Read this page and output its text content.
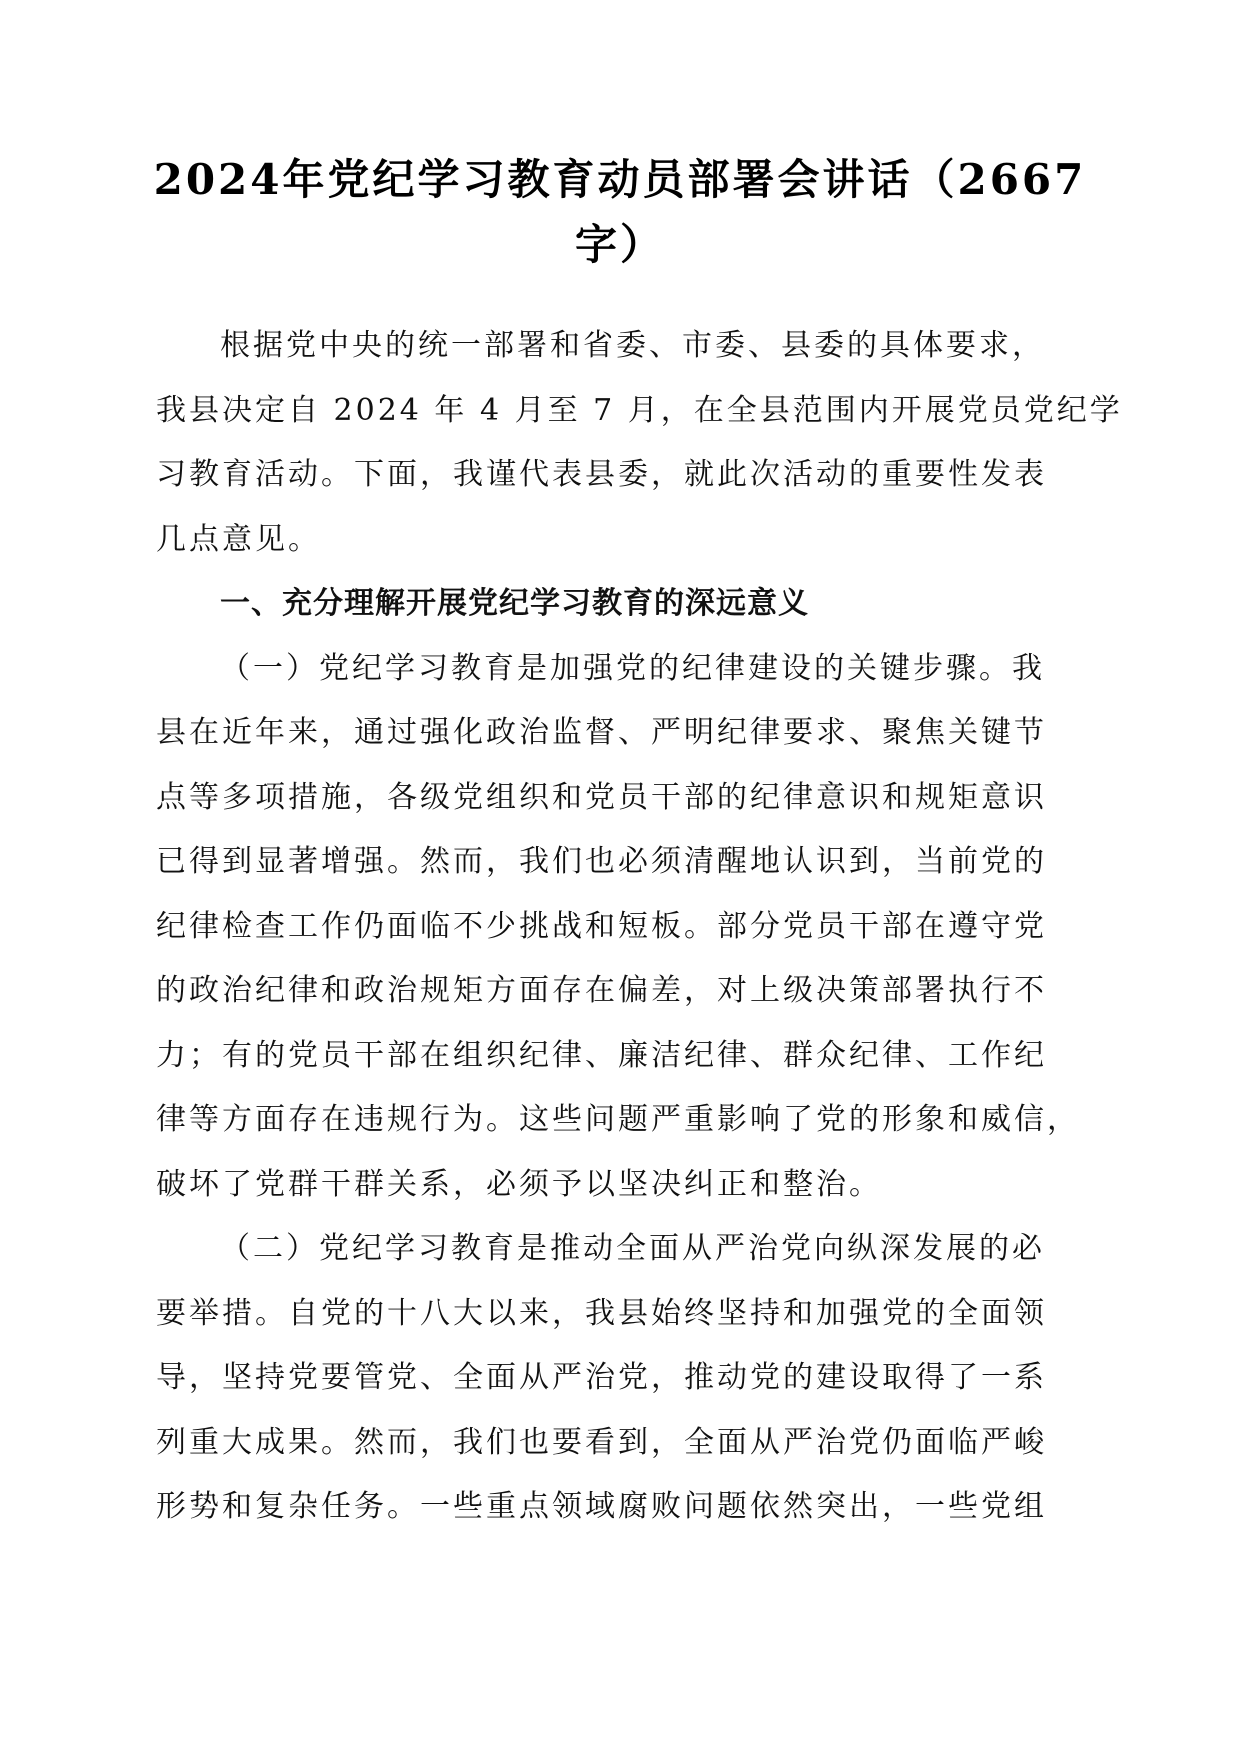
2024年党纪学习教育动员部署会讲话（2667
字）
根据党中央的统一部署和省委、市委、县委的具体要求，
我县决定自 2024 年 4 月至 7 月，在全县范围内开展党员党纪学
习教育活动。下面，我谨代表县委，就此次活动的重要性发表
几点意见。
一、充分理解开展党纪学习教育的深远意义
（一）党纪学习教育是加强党的纪律建设的关键步骤。我
县在近年来，通过强化政治监督、严明纪律要求、聚焦关键节
点等多项措施，各级党组织和党员干部的纪律意识和规矩意识
已得到显著增强。然而，我们也必须清醒地认识到，当前党的
纪律检查工作仍面临不少挑战和短板。部分党员干部在遵守党
的政治纪律和政治规矩方面存在偏差，对上级决策部署执行不
力；有的党员干部在组织纪律、廉洁纪律、群众纪律、工作纪
律等方面存在违规行为。这些问题严重影响了党的形象和威信，
破坏了党群干群关系，必须予以坚决纠正和整治。
（二）党纪学习教育是推动全面从严治党向纵深发展的必
要举措。自党的十八大以来，我县始终坚持和加强党的全面领
导，坚持党要管党、全面从严治党，推动党的建设取得了一系
列重大成果。然而，我们也要看到，全面从严治党仍面临严峻
形势和复杂任务。一些重点领域腐败问题依然突出，一些党组
